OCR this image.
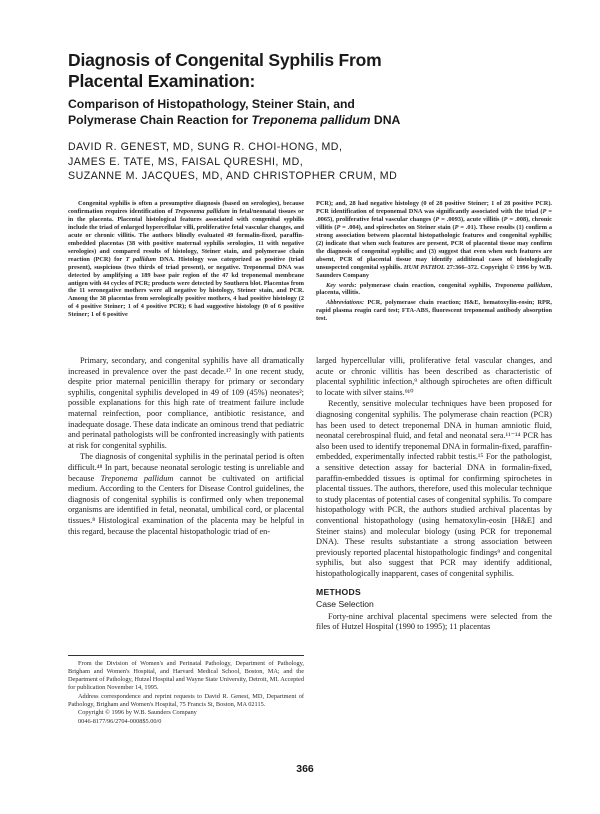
Diagnosis of Congenital Syphilis From
Placental Examination:
Comparison of Histopathology, Steiner Stain, and
Polymerase Chain Reaction for Treponema pallidum DNA
DAVID R. GENEST, MD, SUNG R. CHOI-HONG, MD,
JAMES E. TATE, MS, FAISAL QURESHI, MD,
SUZANNE M. JACQUES, MD, AND CHRISTOPHER CRUM, MD

Congenital syphilis is often a presumptive diagnosis (based on serologies), because confirmation requires identification of Treponema pallidum in fetal/neonatal tissues or in the placenta. Placental histological features associated with congenital syphilis include the triad of enlarged hypercellular villi, proliferative fetal vascular changes, and acute or chronic villitis. The authors blindly evaluated 49 formalin-fixed, paraffin-embedded placentas (38 with positive maternal syphilis serologies, 11 with negative serologies) and compared results of histology, Steiner stain, and polymerase chain reaction (PCR) for T pallidum DNA. Histology was categorized as positive (triad present), suspicious (two thirds of triad present), or negative. Treponemal DNA was detected by amplifying a 189 base pair region of the 47 kd treponemal membrane antigen with 44 cycles of PCR; products were detected by Southern blot. Placentas from the 11 seronegative mothers were all negative by histology, Steiner stain, and PCR. Among the 38 placentas from serologically positive mothers, 4 had positive histology (2 of 4 positive Steiner; 1 of 4 positive PCR); 6 had suggestive histology (0 of 6 positive Steiner; 1 of 6 positive

PCR); and, 28 had negative histology (0 of 28 positive Steiner; 1 of 28 positive PCR). PCR identification of treponemal DNA was significantly associated with the triad (P = .0065), proliferative fetal vascular changes (P = .0093), acute villitis (P = .008), chronic villitis (P = .004), and spirochetes on Steiner stain (P = .01). These results (1) confirm a strong association between placental histopathologic features and congenital syphilis; (2) indicate that when such features are present, PCR of placental tissue may confirm the diagnosis of congenital syphilis; and (3) suggest that even when such features are absent, PCR of placental tissue may identify additional cases of histologically unsuspected congenital syphilis. HUM PATHOL 27:366–372. Copyright © 1996 by W.B. Saunders Company

Key words: polymerase chain reaction, congenital syphilis, Treponema pallidum, placenta, villitis.

Abbreviations: PCR, polymerase chain reaction; H&E, hematoxylin-eosin; RPR, rapid plasma reagin card test; FTA-ABS, fluorescent treponemal antibody absorption test.

Primary, secondary, and congenital syphilis have all dramatically increased in prevalence over the past decade.¹⁷ In one recent study, despite prior maternal penicillin therapy for primary or secondary syphilis, congenital syphilis developed in 49 of 109 (45%) neonates²; possible explanations for this high rate of treatment failure include maternal reinfection, poor compliance, antibiotic resistance, and inadequate dosage. These data indicate an ominous trend that pediatric and perinatal pathologists will be confronted increasingly with patients at risk for congenital syphilis.

The diagnosis of congenital syphilis in the perinatal period is often difficult.⁴⁸ In part, because neonatal serologic testing is unreliable and because Treponema pallidum cannot be cultivated on artificial medium. According to the Centers for Disease Control guidelines, the diagnosis of congenital syphilis is confirmed only when treponemal organisms are identified in fetal, neonatal, umbilical cord, or placental tissues.⁸ Histological examination of the placenta may be helpful in this regard, because the placental histopathologic triad of en-

From the Division of Women's and Perinatal Pathology, Department of Pathology, Brigham and Women's Hospital, and Harvard Medical School, Boston, MA; and the Department of Pathology, Hutzel Hospital and Wayne State University, Detroit, MI. Accepted for publication November 14, 1995.

Address correspondence and reprint requests to David R. Genest, MD, Department of Pathology, Brigham and Women's Hospital, 75 Francis St, Boston, MA 02115.

Copyright © 1996 by W.B. Saunders Company

0046-8177/96/2704-0008$5.00/0

larged hypercellular villi, proliferative fetal vascular changes, and acute or chronic villitis has been described as characteristic of placental syphilitic infection,⁹ although spirochetes are often difficult to locate with silver stains.⁹¹⁰

Recently, sensitive molecular techniques have been proposed for diagnosing congenital syphilis. The polymerase chain reaction (PCR) has been used to detect treponemal DNA in human amniotic fluid, neonatal cerebrospinal fluid, and fetal and neonatal sera.¹¹⁻¹⁴ PCR has also been used to identify treponemal DNA in formalin-fixed, paraffin-embedded, experimentally infected rabbit testis.¹⁵ For the pathologist, a sensitive detection assay for bacterial DNA in formalin-fixed, paraffin-embedded tissues is optimal for confirming spirochetes in placental tissues. The authors, therefore, used this molecular technique to study placentas of potential cases of congenital syphilis. To compare histopathology with PCR, the authors studied archival placentas by conventional histopathology (using hematoxylin-eosin [H&E] and Steiner stains) and molecular biology (using PCR for treponemal DNA). These results substantiate a strong association between previously reported placental histopathologic findings⁹ and congenital syphilis, but also suggest that PCR may identify additional, histopathologically inapparent, cases of congenital syphilis.

METHODS
Case Selection

Forty-nine archival placental specimens were selected from the files of Hutzel Hospital (1990 to 1995); 11 placentas

366
